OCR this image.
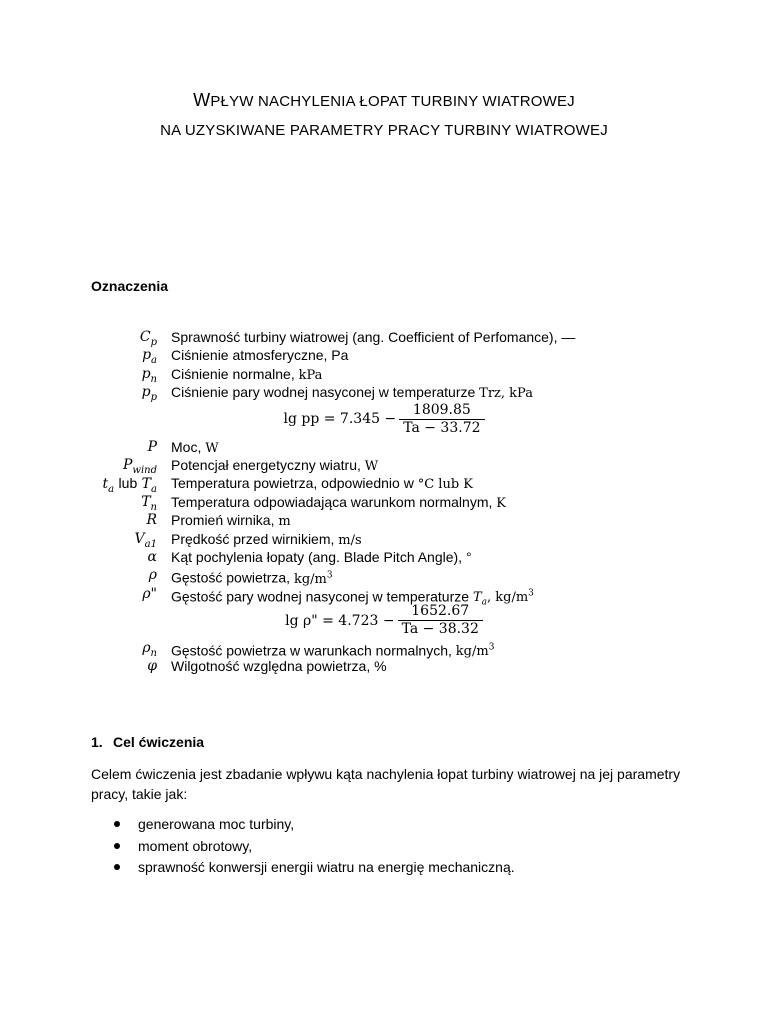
WPŁYW NACHYLENIA ŁOPAT TURBINY WIATROWEJ
NA UZYSKIWANE PARAMETRY PRACY TURBINY WIATROWEJ
Oznaczenia
$C_p$ Sprawność turbiny wiatrowej (ang. Coefficient of Perfomance), —
$p_a$ Ciśnienie atmosferyczne, Pa
$p_n$ Ciśnienie normalne, kPa
$p_p$ Ciśnienie pary wodnej nasyconej w temperaturze Trz, kPa
lg pp = $7.345 - \frac{1809.85}{Ta - 33.72}$
P Moc, W
$P_{wind}$ Potencjał energetyczny wiatru, W
$t_a$ lub $T_a$ Temperatura powietrza, odpowiednio w °C lub K
$T_n$ Temperatura odpowiadająca warunkom normalnym, K
R Promień wirnika, m
$V_{a1}$ Prędkość przed wirnikiem, m/s
α Kąt pochylenia łopaty (ang. Blade Pitch Angle), °
ρ Gęstość powietrza, $kg/m^3$
ρ" Gęstość pary wodnej nasyconej w temperaturze $T_a$, $kg/m^3$
lg ρ" = $4.723 - \frac{1652.67}{Ta - 38.32}$
$\rho_n$ Gęstość powietrza w warunkach normalnych, $kg/m^3$
φ Wilgotność względna powietrza, %
1. Cel ćwiczenia
Celem ćwiczenia jest zbadanie wpływu kąta nachylenia łopat turbiny wiatrowej na jej parametry pracy, takie jak:
generowana moc turbiny,
moment obrotowy,
sprawność konwersji energii wiatru na energię mechaniczną.
